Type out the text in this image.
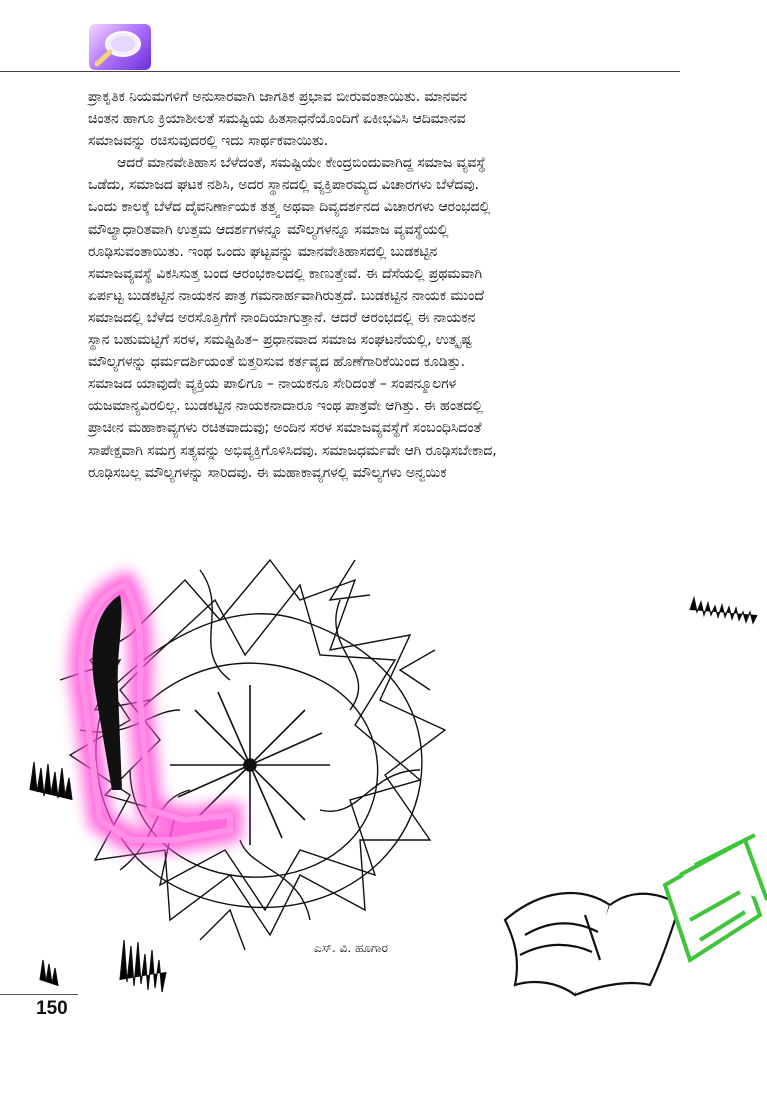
ಪ್ರಾಕೃತಿಕ ನಿಯಮಗಳಿಗೆ ಅನುಸಾರವಾಗಿ ಜಾಗತಿಕ ಪ್ರಭಾವ ಬೀರುವಂತಾಯಿತು. ಮಾನವನ
ಚಿಂತನ ಹಾಗೂ ಕ್ರಿಯಾಶೀಲತೆ ಸಮಷ್ಟಿಯ ಹಿತಸಾಧನೆಯೊಂದಿಗೆ ಏಕೀಭವಿಸಿ ಆದಿಮಾನವ
ಸಮಾಜವನ್ನು ರಚಿಸುವುದರಲ್ಲಿ ಇದು ಸಾರ್ಥಕವಾಯಿತು.

ಆದರೆ ಮಾನವೇತಿಹಾಸ ಬೆಳೆದಂತೆ, ಸಮಷ್ಟಿಯೇ ಕೇಂದ್ರಬಿಂದುವಾಗಿದ್ದ ಸಮಾಜ ವ್ಯವಸ್ಥೆ
ಒಡೆದು, ಸಮಾಜದ ಘಟಕ ನಶಿಸಿ, ಅದರ ಸ್ಥಾನದಲ್ಲಿ ವ್ಯಕ್ತಿಪಾರಮ್ಯದ ವಿಚಾರಗಳು ಬೆಳೆದವು.
ಒಂದು ಕಾಲಕ್ಕೆ ಬೆಳೆದ ದೈವನಿರ್ಣಾಯಕ ತತ್ತ್ವ ಅಥವಾ ದಿವ್ಯದರ್ಶನದ ವಿಚಾರಗಳು ಆರಂಭದಲ್ಲಿ
ಮೌಲ್ಯಾಧಾರಿತವಾಗಿ ಉತ್ತಮ ಆದರ್ಶಗಳನ್ನೂ ಮೌಲ್ಯಗಳನ್ನೂ ಸಮಾಜ ವ್ಯವಸ್ಥೆಯಲ್ಲಿ
ರೂಢಿಸುವಂತಾಯಿತು. ಇಂಥ ಒಂದು ಘಟ್ಟವನ್ನು ಮಾನವೇತಿಹಾಸದಲ್ಲಿ ಬುಡಕಟ್ಟಿನ
ಸಮಾಜವ್ಯವಸ್ಥೆ ವಿಕಸಿಸುತ್ತ ಬಂದ ಆರಂಭಕಾಲದಲ್ಲಿ ಕಾಣುತ್ತೇವೆ. ಈ ದೆಸೆಯಲ್ಲಿ ಪ್ರಥಮವಾಗಿ
ಏರ್ಪಟ್ಟ ಬುಡಕಟ್ಟಿನ ನಾಯಕನ ಪಾತ್ರ ಗಮನಾರ್ಹವಾಗಿರುತ್ತದೆ. ಬುಡಕಟ್ಟಿನ ನಾಯಕ ಮುಂದೆ
ಸಮಾಜದಲ್ಲಿ ಬೆಳೆದ ಅರಸೊತ್ತಿಗೆಗೆ ನಾಂದಿಯಾಗುತ್ತಾನೆ. ಆದರೆ ಆರಂಭದಲ್ಲಿ ಈ ನಾಯಕನ
ಸ್ಥಾನ ಬಹುಮಟ್ಟಿಗೆ ಸರಳ, ಸಮಷ್ಟಿಹಿತ– ಪ್ರಧಾನವಾದ ಸಮಾಜ ಸಂಘಟನೆಯಲ್ಲಿ, ಉತ್ಕೃಷ್ಟ
ಮೌಲ್ಯಗಳನ್ನು ಧರ್ಮದರ್ಶಿಯಂತೆ ಬಿತ್ತರಿಸುವ ಕರ್ತವ್ಯದ ಹೊಣೆಗಾರಿಕೆಯಿಂದ ಕೂಡಿತ್ತು.
ಸಮಾಜದ ಯಾವುದೇ ವ್ಯಕ್ತಿಯ ಪಾಲಿಗೂ – ನಾಯಕನೂ ಸೇರಿದಂತೆ – ಸಂಪನ್ಮೂಲಗಳ
ಯಜಮಾನ್ಯವಿರಲಿಲ್ಲ. ಬುಡಕಟ್ಟಿನ ನಾಯಕನಾದಾರೂ ಇಂಥ ಪಾತ್ರವೇ ಆಗಿತ್ತು. ಈ ಹಂತದಲ್ಲಿ
ಪ್ರಾಚೀನ ಮಹಾಕಾವ್ಯಗಳು ರಚಿತವಾದುವು; ಅಂದಿನ ಸರಳ ಸಮಾಜವ್ಯವಸ್ಥೆಗೆ ಸಂಬಂಧಿಸಿದಂತೆ
ಸಾಪೇಕ್ಷವಾಗಿ ಸಮಗ್ರ ಸತ್ಯವನ್ನು ಅಭಿವ್ಯಕ್ತಿಗೊಳಿಸಿದವು. ಸಮಾಜಧರ್ಮವೇ ಆಗಿ ರೂಢಿಸಬೇಕಾದ,
ರೂಢಿಸಬಲ್ಲ ಮೌಲ್ಯಗಳನ್ನು ಸಾರಿದವು. ಈ ಮಹಾಕಾವ್ಯಗಳಲ್ಲಿ ಮೌಲ್ಯಗಳು ಅನ್ವಯಿಕ

ಎಸ್. ವಿ. ಹೂಗಾರ
150
